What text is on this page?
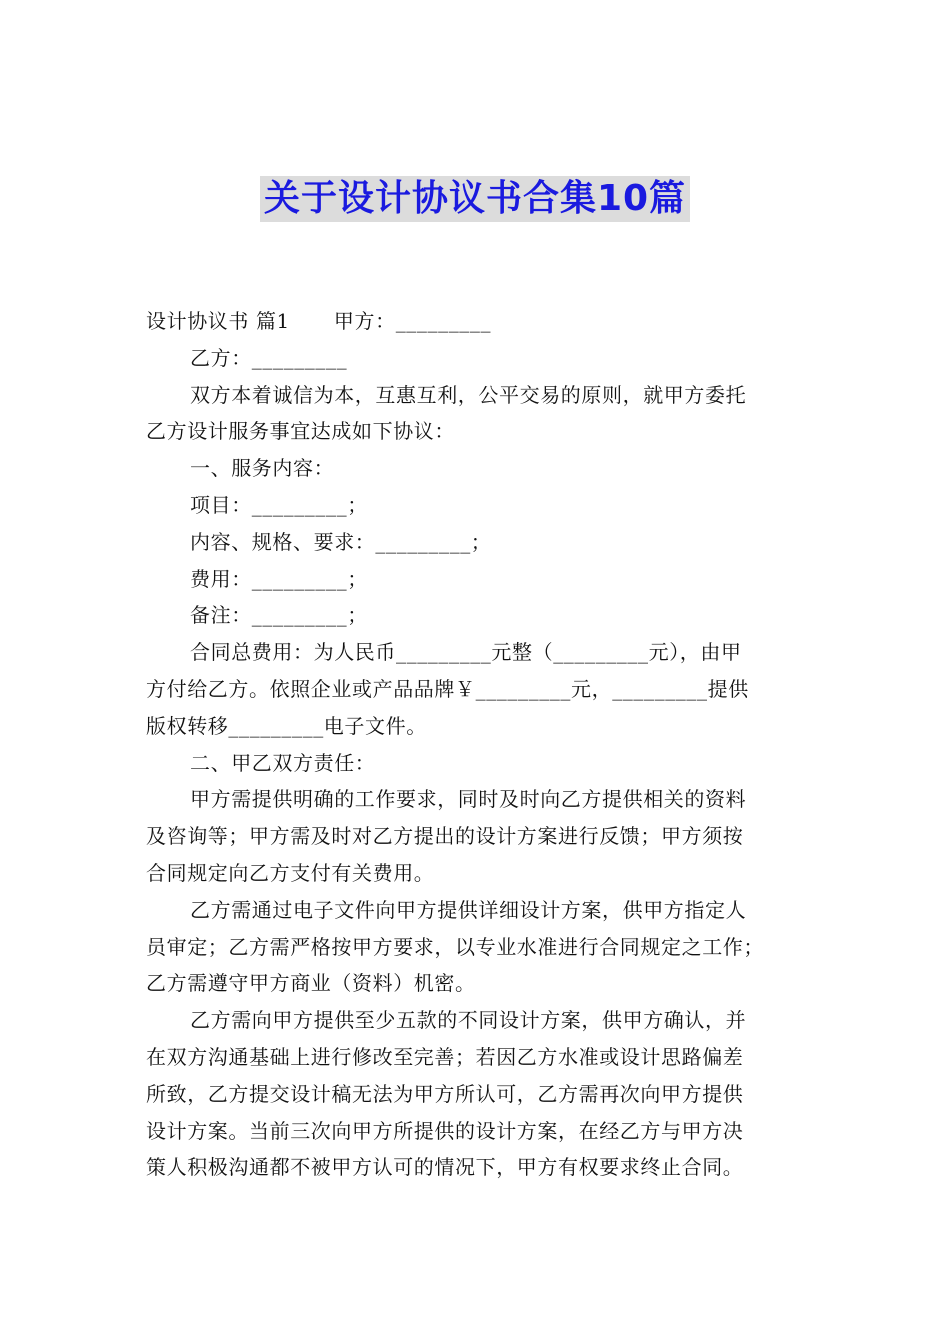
关于设计协议书合集10篇
设计协议书 篇1 甲方：_________
乙方：_________
双方本着诚信为本，互惠互利，公平交易的原则，就甲方委托
乙方设计服务事宜达成如下协议：
一、服务内容：
项目：_________；
内容、规格、要求：_________；
费用：_________；
备注：_________；
合同总费用：为人民币_________元整（_________元），由甲
方付给乙方。依照企业或产品品牌￥_________元，_________提供
版权转移_________电子文件。
二、甲乙双方责任：
甲方需提供明确的工作要求，同时及时向乙方提供相关的资料
及咨询等；甲方需及时对乙方提出的设计方案进行反馈；甲方须按
合同规定向乙方支付有关费用。
乙方需通过电子文件向甲方提供详细设计方案，供甲方指定人
员审定；乙方需严格按甲方要求，以专业水准进行合同规定之工作；
乙方需遵守甲方商业（资料）机密。
乙方需向甲方提供至少五款的不同设计方案，供甲方确认，并
在双方沟通基础上进行修改至完善；若因乙方水准或设计思路偏差
所致，乙方提交设计稿无法为甲方所认可，乙方需再次向甲方提供
设计方案。当前三次向甲方所提供的设计方案，在经乙方与甲方决
策人积极沟通都不被甲方认可的情况下，甲方有权要求终止合同。
